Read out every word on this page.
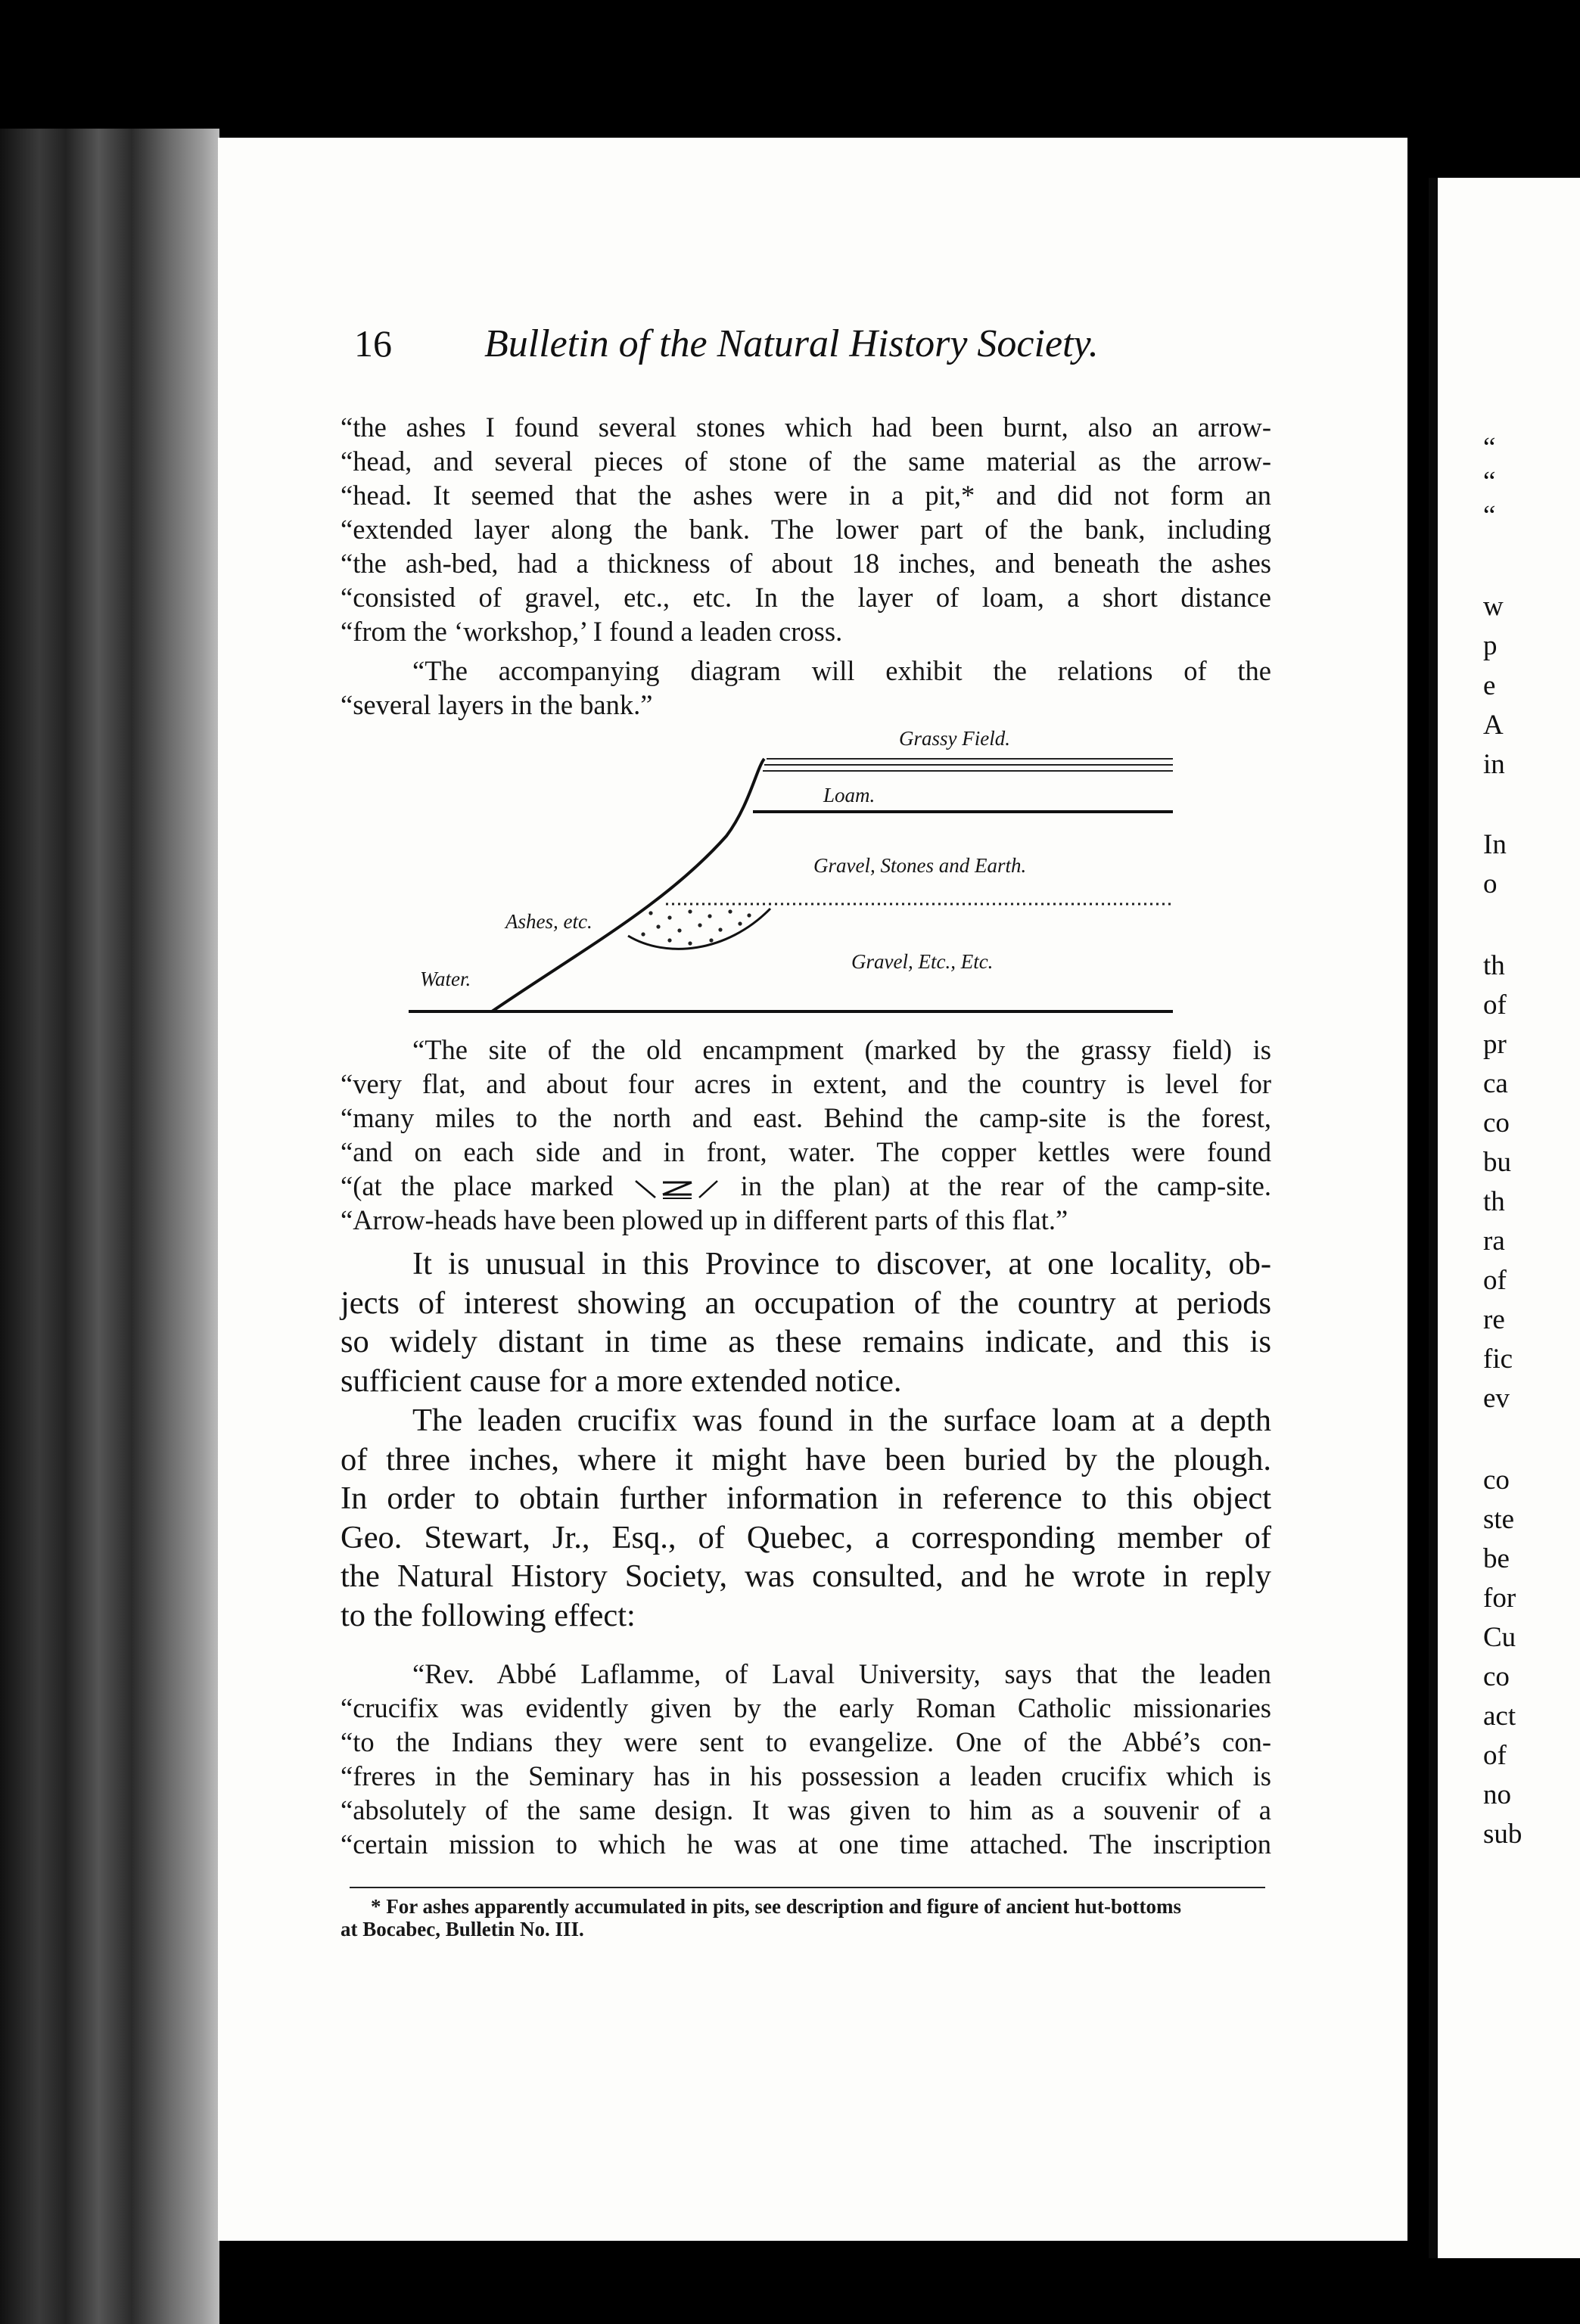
“
“
“
w
p
e
A
in
In
o
th
of
pr
ca
co
bu
th
ra
of
re
fic
ev
co
ste
be
for
Cu
co
act
of
no
sub
16 Bulletin of the Natural History Society.
“the ashes I found several stones which had been burnt, also an arrow-
“head, and several pieces of stone of the same material as the arrow-
“head. It seemed that the ashes were in a pit,* and did not form an
“extended layer along the bank. The lower part of the bank, including
“the ash-bed, had a thickness of about 18 inches, and beneath the ashes
“consisted of gravel, etc., etc. In the layer of loam, a short distance
“from the ‘workshop,’ I found a leaden cross.
“The accompanying diagram will exhibit the relations of the
“several layers in the bank.”
Grassy Field.
Loam.
Gravel, Stones and Earth.
Ashes, etc.
Gravel, Etc., Etc.
Water.
“The site of the old encampment (marked by the grassy field) is
“very flat, and about four acres in extent, and the country is level for
“many miles to the north and east. Behind the camp-site is the forest,
“and on each side and in front, water. The copper kettles were found
“(at the place marked	in the plan) at the rear of the camp-site.
“Arrow-heads have been plowed up in different parts of this flat.”
It is unusual in this Province to discover, at one locality, ob-
jects of interest showing an occupation of the country at periods
so widely distant in time as these remains indicate, and this is
sufficient cause for a more extended notice.
The leaden crucifix was found in the surface loam at a depth
of three inches, where it might have been buried by the plough.
In order to obtain further information in reference to this object
Geo. Stewart, Jr., Esq., of Quebec, a corresponding member of
the Natural History Society, was consulted, and he wrote in reply
to the following effect:
“Rev. Abbé Laflamme, of Laval University, says that the leaden
“crucifix was evidently given by the early Roman Catholic missionaries
“to the Indians they were sent to evangelize. One of the Abbé’s con-
“freres in the Seminary has in his possession a leaden crucifix which is
“absolutely of the same design. It was given to him as a souvenir of a
“certain mission to which he was at one time attached. The inscription
* For ashes apparently accumulated in pits, see description and figure of ancient hut-bottoms
at Bocabec, Bulletin No. III.
